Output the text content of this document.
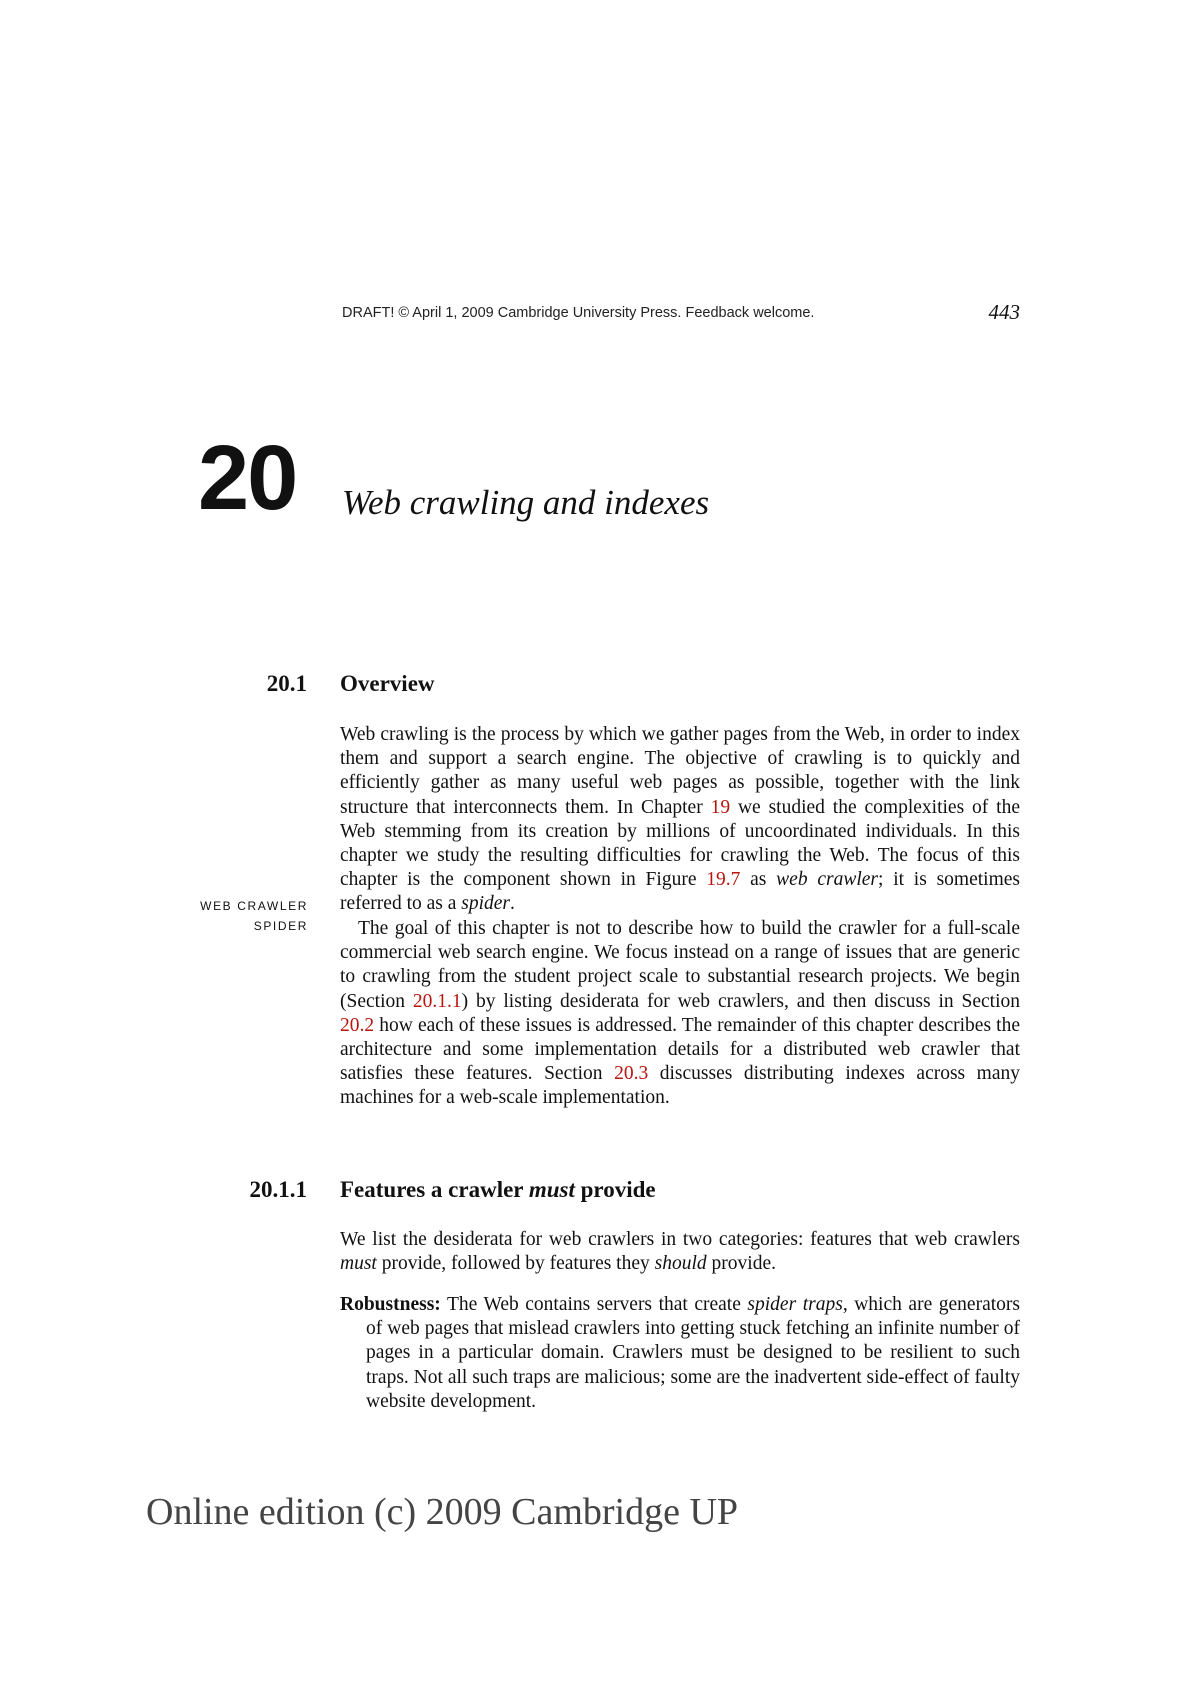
DRAFT! © April 1, 2009 Cambridge University Press. Feedback welcome.	443
20 Web crawling and indexes
20.1 Overview

Web crawling is the process by which we gather pages from the Web, in order to index them and support a search engine. The objective of crawling is to quickly and efficiently gather as many useful web pages as possible, together with the link structure that interconnects them. In Chapter 19 we studied the complexities of the Web stemming from its creation by millions of uncoordinated individuals. In this chapter we study the resulting difficulties for crawling the Web. The focus of this chapter is the component shown in Figure 19.7 as web crawler; it is sometimes referred to as a spider.

WEB CRAWLER
SPIDER	The goal of this chapter is not to describe how to build the crawler for a full-scale commercial web search engine. We focus instead on a range of issues that are generic to crawling from the student project scale to substantial research projects. We begin (Section 20.1.1) by listing desiderata for web crawlers, and then discuss in Section 20.2 how each of these issues is addressed. The remainder of this chapter describes the architecture and some implementation details for a distributed web crawler that satisfies these features. Section 20.3 discusses distributing indexes across many machines for a web-scale implementation.

20.1.1 Features a crawler must provide

We list the desiderata for web crawlers in two categories: features that web crawlers must provide, followed by features they should provide.

Robustness: The Web contains servers that create spider traps, which are generators of web pages that mislead crawlers into getting stuck fetching an infinite number of pages in a particular domain. Crawlers must be designed to be resilient to such traps. Not all such traps are malicious; some are the inadvertent side-effect of faulty website development.

Online edition (c) 2009 Cambridge UP
